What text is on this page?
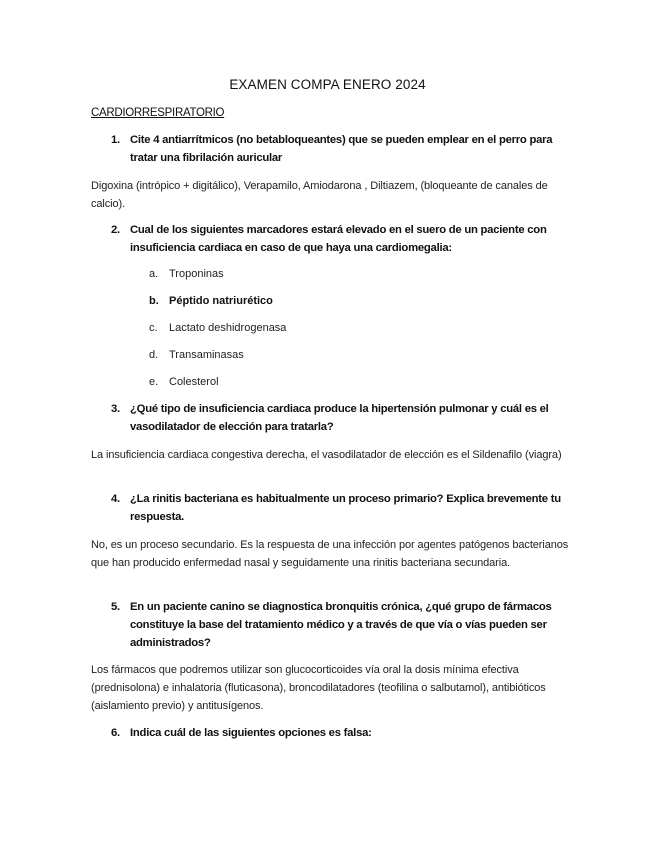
EXAMEN COMPA ENERO 2024
CARDIORRESPIRATORIO
1. Cite 4 antiarrítmicos (no betabloqueantes) que se pueden emplear en el perro para tratar una fibrilación auricular
Digoxina (intrópico + digitálico), Verapamilo, Amiodarona , Diltiazem, (bloqueante de canales de calcio).
2. Cual de los siguientes marcadores estará elevado en el suero de un paciente con insuficiencia cardiaca en caso de que haya una cardiomegalia:
a. Troponinas
b. Péptido natriurético
c. Lactato deshidrogenasa
d. Transaminasas
e. Colesterol
3. ¿Qué tipo de insuficiencia cardiaca produce la hipertensión pulmonar y cuál es el vasodilatador de elección para tratarla?
La insuficiencia cardiaca congestiva derecha, el vasodilatador de elección es el Sildenafilo (viagra)
4. ¿La rinitis bacteriana es habitualmente un proceso primario? Explica brevemente tu respuesta.
No, es un proceso secundario. Es la respuesta de una infección por agentes patógenos bacterianos que han producido enfermedad nasal y seguidamente una rinitis bacteriana secundaria.
5. En un paciente canino se diagnostica bronquitis crónica, ¿qué grupo de fármacos constituye la base del tratamiento médico y a través de que vía o vías pueden ser administrados?
Los fármacos que podremos utilizar son glucocorticoides vía oral la dosis mínima efectiva (prednisolona) e inhalatoria (fluticasona), broncodilatadores (teofilina o salbutamol), antibióticos (aislamiento previo) y antitusígenos.
6. Indica cuál de las siguientes opciones es falsa:
